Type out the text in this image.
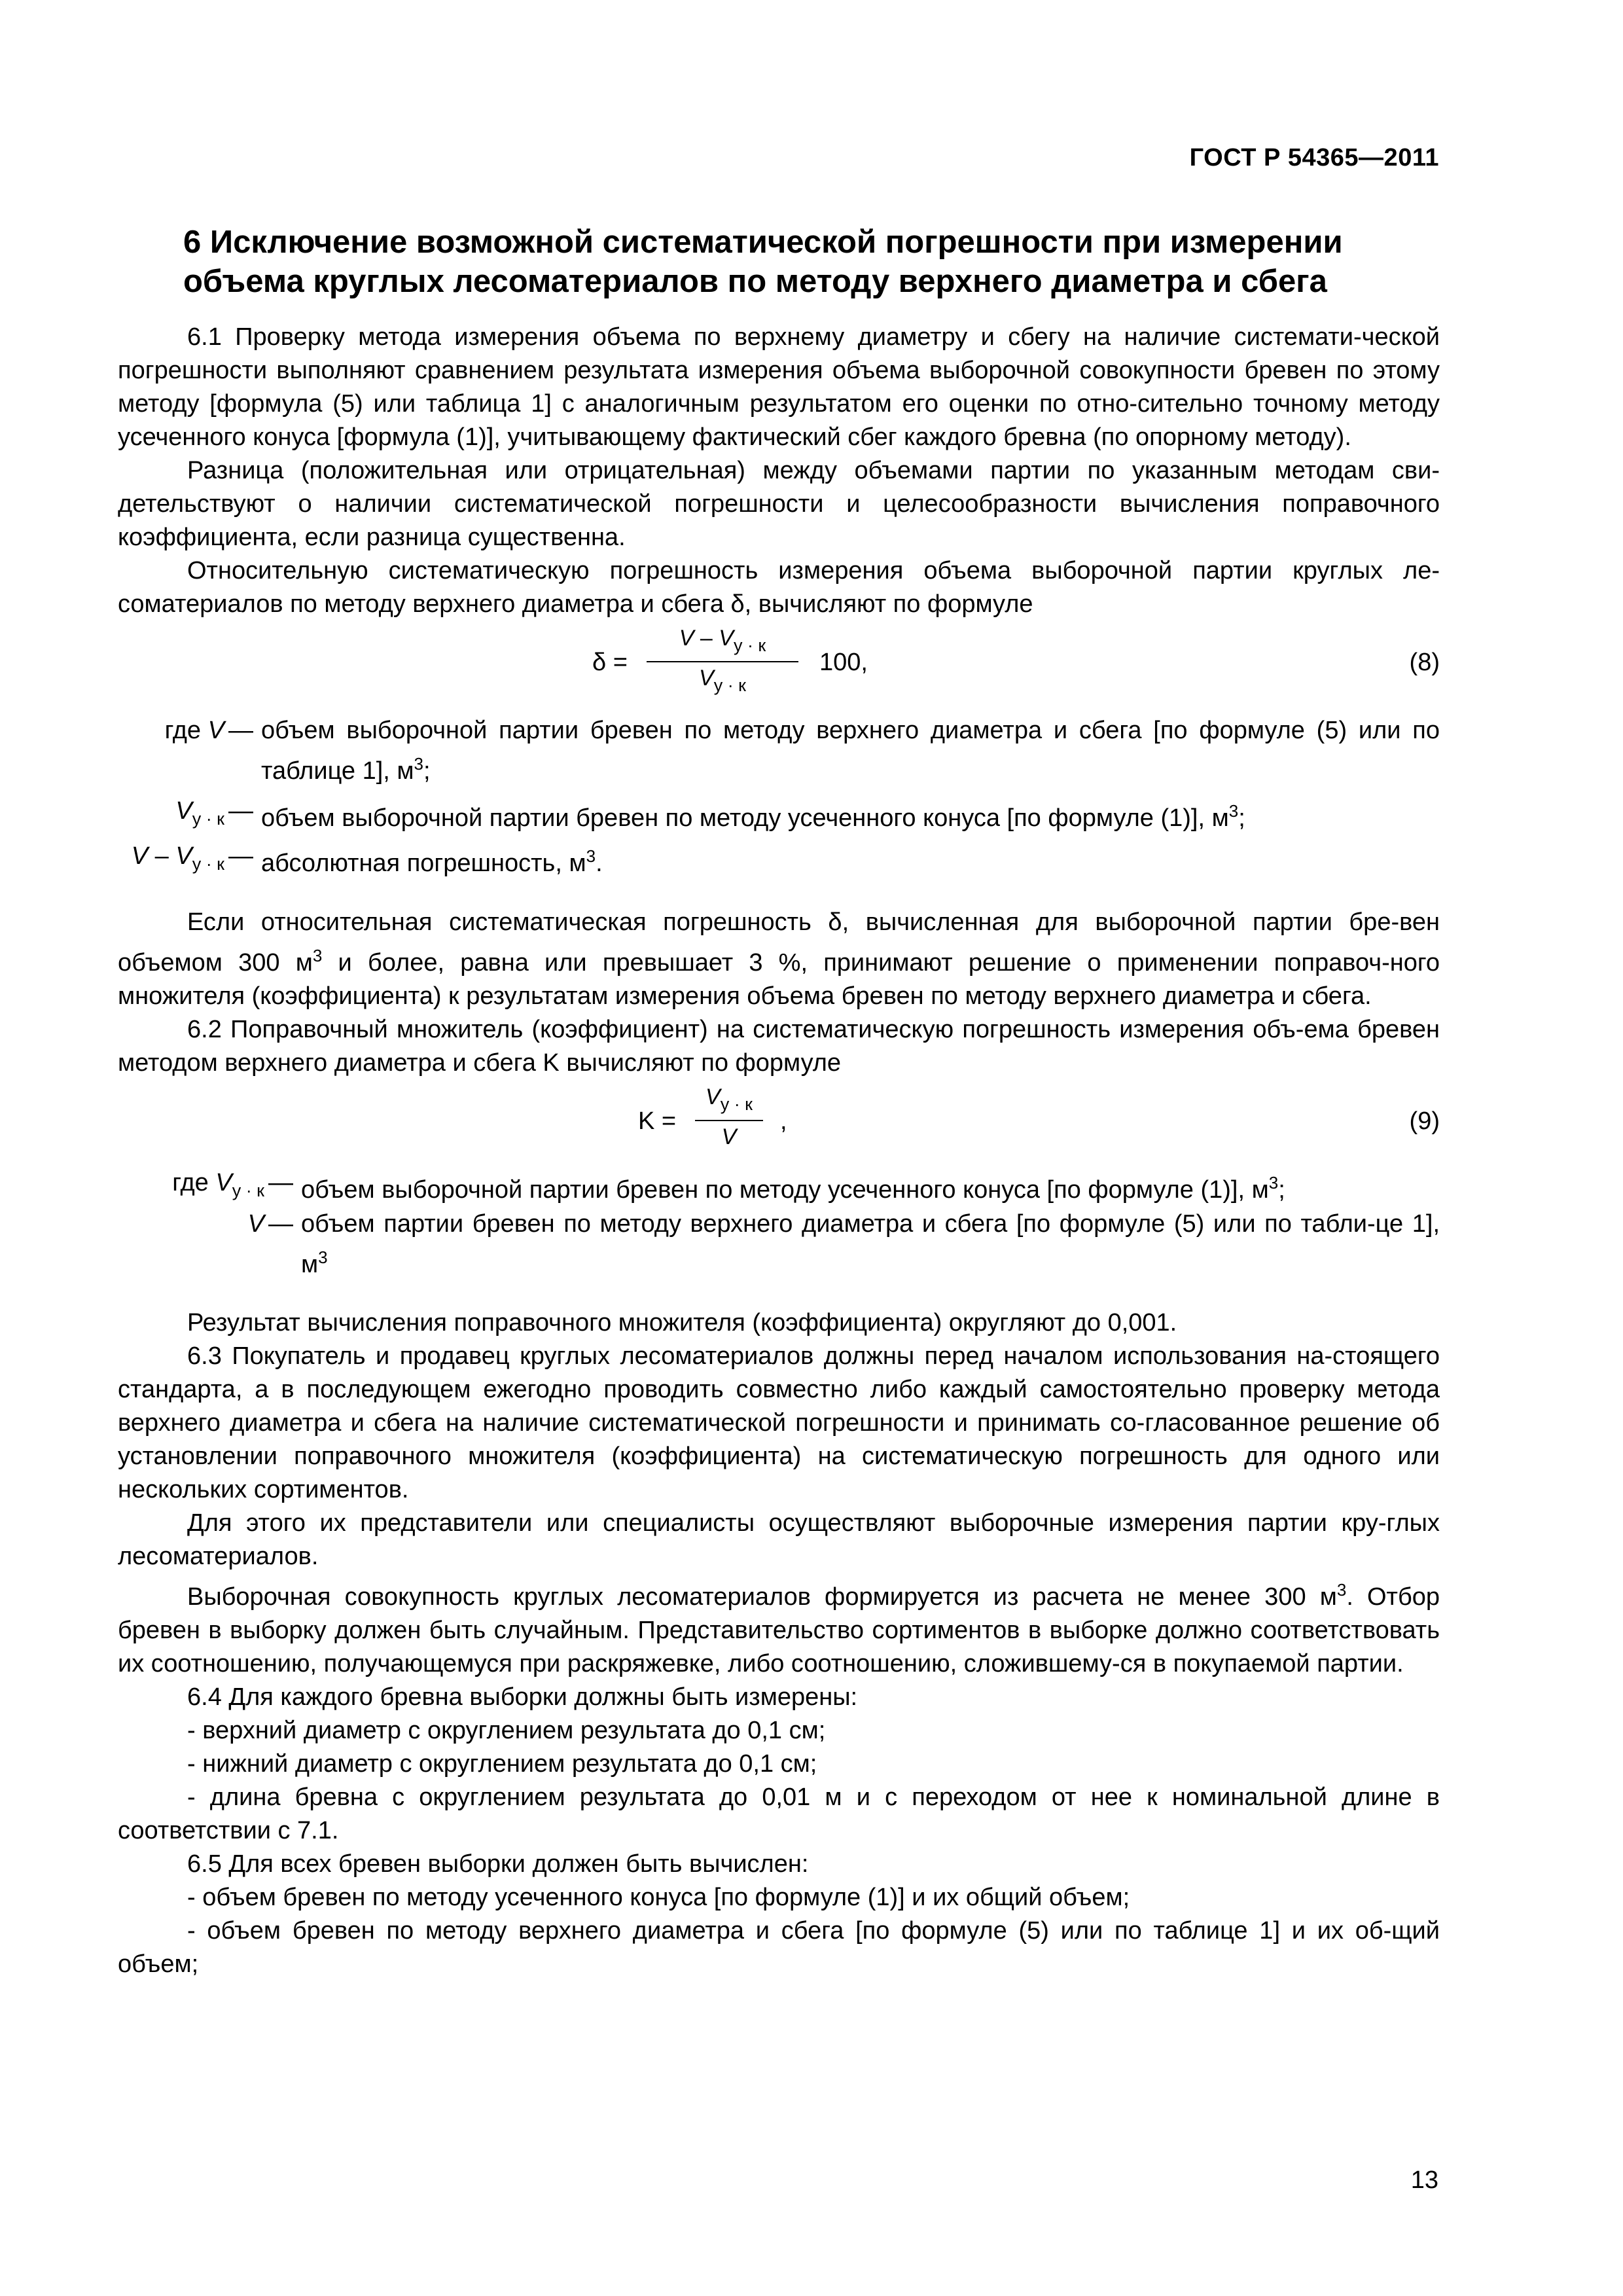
ГОСТ Р 54365—2011
6 Исключение возможной систематической погрешности при измерении объема круглых лесоматериалов по методу верхнего диаметра и сбега

6.1 Проверку метода измерения объема по верхнему диаметру и сбегу на наличие системати-ческой погрешности выполняют сравнением результата измерения объема выборочной совокупности бревен по этому методу [формула (5) или таблица 1] с аналогичным результатом его оценки по отно-сительно точному методу усеченного конуса [формула (1)], учитывающему фактический сбег каждого бревна (по опорному методу).

Разница (положительная или отрицательная) между объемами партии по указанным методам сви-детельствуют о наличии систематической погрешности и целесообразности вычисления поправочного коэффициента, если разница существенна.

Относительную систематическую погрешность измерения объема выборочной партии круглых ле-соматериалов по методу верхнего диаметра и сбега δ, вычисляют по формуле

δ =
V – $V_{у \cdot к}$
$V_{у \cdot к}$
100,	(8)
где V — объем выборочной партии бревен по методу верхнего диаметра и сбега [по формуле (5) или по таблице 1], $м^3$;
$V_{у \cdot к}$ — объем выборочной партии бревен по методу усеченного конуса [по формуле (1)], $м^3$;
V – $V_{у \cdot к}$ — абсолютная погрешность, $м^3$.

Если относительная систематическая погрешность δ, вычисленная для выборочной партии бре-вен объемом 300 $м^3$ и более, равна или превышает 3 %, принимают решение о применении поправоч-ного множителя (коэффициента) к результатам измерения объема бревен по методу верхнего диаметра и сбега.

6.2 Поправочный множитель (коэффициент) на систематическую погрешность измерения объ-ема бревен методом верхнего диаметра и сбега K вычисляют по формуле

K =
$V_{у \cdot к}$
V
,	(9)
где $V_{у \cdot к}$ — объем выборочной партии бревен по методу усеченного конуса [по формуле (1)], $м^3$;
V — объем партии бревен по методу верхнего диаметра и сбега [по формуле (5) или по табли-це 1], $м^3$

Результат вычисления поправочного множителя (коэффициента) округляют до 0,001.

6.3 Покупатель и продавец круглых лесоматериалов должны перед началом использования на-стоящего стандарта, а в последующем ежегодно проводить совместно либо каждый самостоятельно проверку метода верхнего диаметра и сбега на наличие систематической погрешности и принимать со-гласованное решение об установлении поправочного множителя (коэффициента) на систематическую погрешность для одного или нескольких сортиментов.

Для этого их представители или специалисты осуществляют выборочные измерения партии кру-глых лесоматериалов.

Выборочная совокупность круглых лесоматериалов формируется из расчета не менее 300 $м^3$. Отбор бревен в выборку должен быть случайным. Представительство сортиментов в выборке должно соответствовать их соотношению, получающемуся при раскряжевке, либо соотношению, сложившему-ся в покупаемой партии.

6.4 Для каждого бревна выборки должны быть измерены:

- верхний диаметр с округлением результата до 0,1 см;

- нижний диаметр с округлением результата до 0,1 см;

- длина бревна с округлением результата до 0,01 м и с переходом от нее к номинальной длине в соответствии с 7.1.

6.5 Для всех бревен выборки должен быть вычислен:

- объем бревен по методу усеченного конуса [по формуле (1)] и их общий объем;

- объем бревен по методу верхнего диаметра и сбега [по формуле (5) или по таблице 1] и их об-щий объем;

13
